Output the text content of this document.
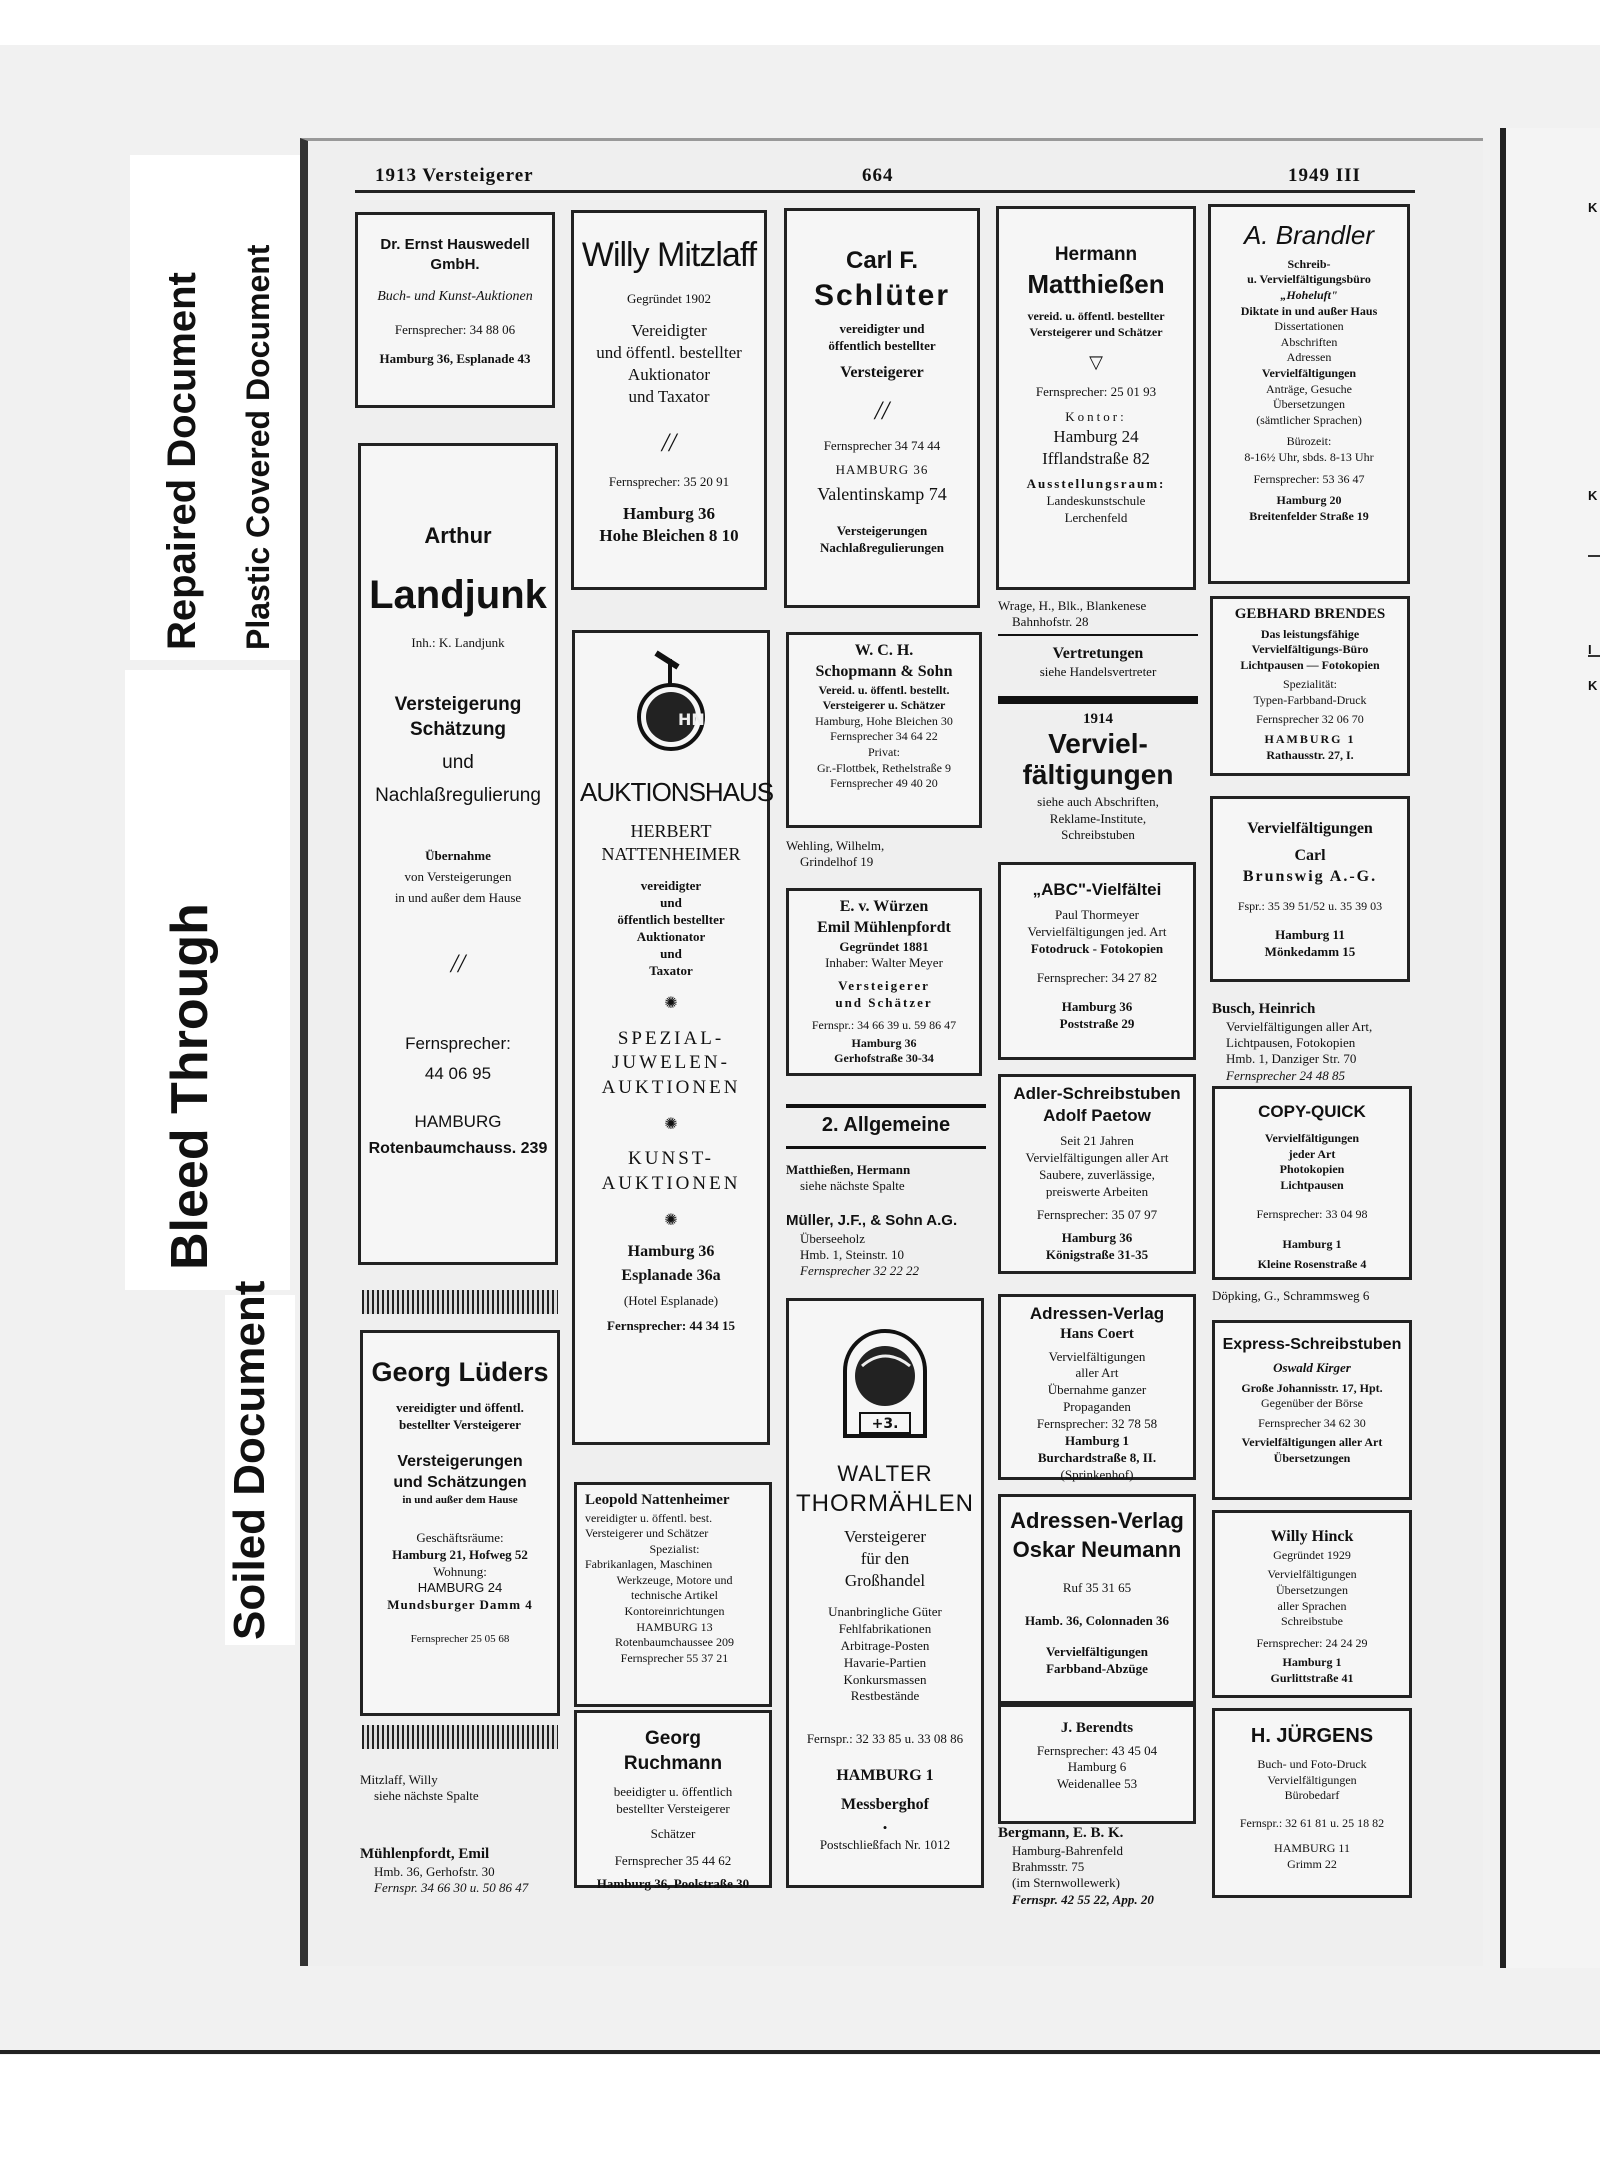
Repaired Document Plastic Covered Document
Bleed Through
Soiled Document
K
K
I
K
1913 Versteigerer	664	1949 III
Dr. Ernst Hauswedell GmbH.
Buch- und Kunst-Auktionen
Fernsprecher: 34 88 06
Hamburg 36, Esplanade 43
Arthur
Landjunk
Inh.: K. Landjunk
Versteigerung
Schätzung
und
Nachlaßregulierung
Übernahme
von Versteigerungen
in und außer dem Hause
//
Fernsprecher:
44 06 95
HAMBURG
Rotenbaumchauss. 239
Georg Lüders
vereidigter und öffentl.
bestellter Versteigerer
Versteigerungen
und Schätzungen
in und außer dem Hause
Geschäftsräume:
Hamburg 21, Hofweg 52
Wohnung:
HAMBURG 24
Mundsburger Damm 4
Fernsprecher 25 05 68
Mitzlaff, Willy
siehe nächste Spalte
Mühlenpfordt, Emil
Hmb. 36, Gerhofstr. 30
Fernspr. 34 66 30 u. 50 86 47
Willy Mitzlaff
Gegründet 1902
Vereidigter
und öffentl. bestellter
Auktionator
und Taxator
//
Fernsprecher: 35 20 91
Hamburg 36
Hohe Bleichen 8 10
HN
AUKTIONSHAUS
HERBERT
NATTENHEIMER
vereidigter
und
öffentlich bestellter
Auktionator
und
Taxator
✺
SPEZIAL-
JUWELEN-
AUKTIONEN
✺
KUNST-
AUKTIONEN
✺
Hamburg 36
Esplanade 36a
(Hotel Esplanade)
Fernsprecher: 44 34 15
Leopold Nattenheimer
vereidigter u. öffentl. best.
Versteigerer und Schätzer
Spezialist:
Fabrikanlagen, Maschinen
Werkzeuge, Motore und
technische Artikel
Kontoreinrichtungen
HAMBURG 13
Rotenbaumchaussee 209
Fernsprecher 55 37 21
Georg
Ruchmann
beeidigter u. öffentlich
bestellter Versteigerer
Schätzer
Fernsprecher 35 44 62
Hamburg 36, Poolstraße 30
Carl F.
Schlüter
vereidigter und
öffentlich bestellter
Versteigerer
//
Fernsprecher 34 74 44
HAMBURG 36
Valentinskamp 74
Versteigerungen
Nachlaßregulierungen
W. C. H.
Schopmann & Sohn
Vereid. u. öffentl. bestellt.
Versteigerer u. Schätzer
Hamburg, Hohe Bleichen 30
Fernsprecher 34 64 22
Privat:
Gr.-Flottbek, Rethelstraße 9
Fernsprecher 49 40 20
Wehling, Wilhelm,
Grindelhof 19
E. v. Würzen
Emil Mühlenpfordt
Gegründet 1881
Inhaber: Walter Meyer
Versteigerer
und Schätzer
Fernspr.: 34 66 39 u. 59 86 47
Hamburg 36
Gerhofstraße 30-34
2. Allgemeine
Matthießen, Hermann
siehe nächste Spalte
Müller, J.F., & Sohn A.G.
Überseeholz
Hmb. 1, Steinstr. 10
Fernsprecher 32 22 22
+3.
WALTER
THORMÄHLEN
Versteigerer
für den
Großhandel
Unanbringliche Güter
Fehlfabrikationen
Arbitrage-Posten
Havarie-Partien
Konkursmassen
Restbestände
Fernspr.: 32 33 85 u. 33 08 86
HAMBURG 1
Messberghof
•
Postschließfach Nr. 1012
Hermann
Matthießen
vereid. u. öffentl. bestellter
Versteigerer und Schätzer
▽
Fernsprecher: 25 01 93
Kontor:
Hamburg 24
Ifflandstraße 82
Ausstellungsraum:
Landeskunstschule
Lerchenfeld
Wrage, H., Blk., Blankenese
Bahnhofstr. 28
Vertretungen
siehe Handelsvertreter
1914
Verviel-
fältigungen
siehe auch Abschriften,
Reklame-Institute,
Schreibstuben
„ABC"-Vielfältei
Paul Thormeyer
Vervielfältigungen jed. Art
Fotodruck - Fotokopien
Fernsprecher: 34 27 82
Hamburg 36
Poststraße 29
Adler-Schreibstuben
Adolf Paetow
Seit 21 Jahren
Vervielfältigungen aller Art
Saubere, zuverlässige,
preiswerte Arbeiten
Fernsprecher: 35 07 97
Hamburg 36
Königstraße 31-35
Adressen-Verlag
Hans Coert
Vervielfältigungen
aller Art
Übernahme ganzer
Propaganden
Fernsprecher: 32 78 58
Hamburg 1
Burchardstraße 8, II.
(Sprinkenhof)
Adressen-Verlag
Oskar Neumann
Ruf 35 31 65
Hamb. 36, Colonnaden 36
Vervielfältigungen
Farbband-Abzüge
J. Berendts
Fernsprecher: 43 45 04
Hamburg 6
Weidenallee 53
Bergmann, E. B. K.
Hamburg-Bahrenfeld
Brahmsstr. 75
(im Sternwollewerk)
Fernspr. 42 55 22, App. 20
A. Brandler
Schreib-
u. Vervielfältigungsbüro
„Hoheluft"
Diktate in und außer Haus
Dissertationen
Abschriften
Adressen
Vervielfältigungen
Anträge, Gesuche
Übersetzungen
(sämtlicher Sprachen)
Bürozeit:
8-16½ Uhr, sbds. 8-13 Uhr
Fernsprecher: 53 36 47
Hamburg 20
Breitenfelder Straße 19
GEBHARD BRENDES
Das leistungsfähige
Vervielfältigungs-Büro
Lichtpausen — Fotokopien
Spezialität:
Typen-Farbband-Druck
Fernsprecher 32 06 70
HAMBURG 1
Rathausstr. 27, I.
Vervielfältigungen
Carl
Brunswig A.-G.
Fspr.: 35 39 51/52 u. 35 39 03
Hamburg 11
Mönkedamm 15
Busch, Heinrich
Vervielfältigungen aller Art,
Lichtpausen, Fotokopien
Hmb. 1, Danziger Str. 70
Fernsprecher 24 48 85
COPY-QUICK
Vervielfältigungen
jeder Art
Photokopien
Lichtpausen
Fernsprecher: 33 04 98
Hamburg 1
Kleine Rosenstraße 4
Döpking, G., Schrammsweg 6
Express-Schreibstuben
Oswald Kirger
Große Johannisstr. 17, Hpt.
Gegenüber der Börse
Fernsprecher 34 62 30
Vervielfältigungen aller Art
Übersetzungen
Willy Hinck
Gegründet 1929
Vervielfältigungen
Übersetzungen
aller Sprachen
Schreibstube
Fernsprecher: 24 24 29
Hamburg 1
Gurlittstraße 41
H. JÜRGENS
Buch- und Foto-Druck
Vervielfältigungen
Bürobedarf
Fernspr.: 32 61 81 u. 25 18 82
HAMBURG 11
Grimm 22
